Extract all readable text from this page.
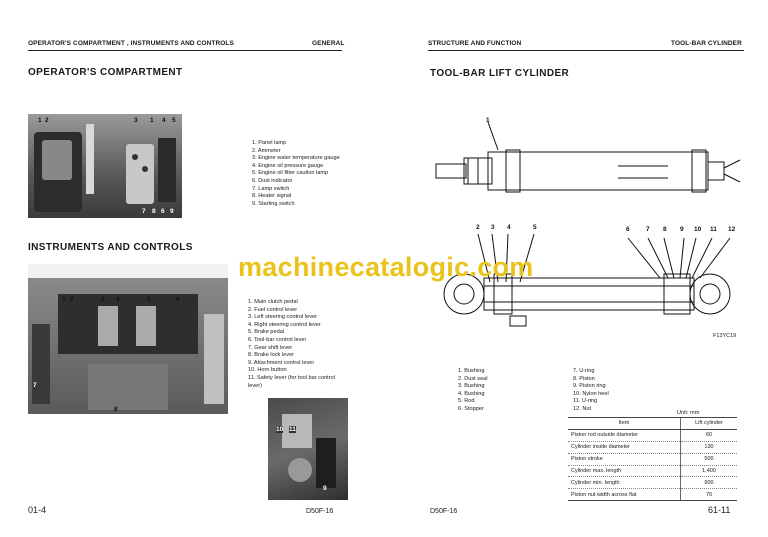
OPERATOR'S COMPARTMENT , INSTRUMENTS AND CONTROLS	GENERAL
OPERATOR'S COMPARTMENT
1 2	3 1 4 5
7 8 6 9
1. Panel lamp
2. Ammeter
3. Engine water temperature gauge
4. Engine oil pressure gauge
5. Engine oil filter caution lamp
6. Dust indicator
7. Lamp switch
8. Heater signal
9. Starting switch
INSTRUMENTS AND CONTROLS
1 2	3 4	5	6
7
8
1. Main clutch pedal
2. Fuel control lever
3. Left steering control lever
4. Right steering control lever
5. Brake pedal
6. Tool-bar control lever
7. Gear shift lever
8. Brake lock lever
9. Attachment control lever
10. Horn button
11. Safety lever (for tool bar control
lever)
10 11
9
01-4	D50F-16
STRUCTURE AND FUNCTION	TOOL-BAR CYLINDER
TOOL-BAR LIFT CYLINDER
1
2 3 4	5	6	7 8 9 10 11 12
F13YC19
1. Bushing
2. Dust seal
3. Bushing
4. Bushing
5. Rod
6. Stopper
7. U-ring
8. Piston
9. Piston ring
10. Nylon heel
11. U-ring
12. Nut
Unit: mm
Item	Lift cylinder
Piston rod outside diameter	60
Cylinder inside diameter	130
Piston stroke	500
Cylinder max. length	1,400
Cylinder min. length	900
Piston nut width across flat	70
D50F-16	61-11
machinecatalogic.com
